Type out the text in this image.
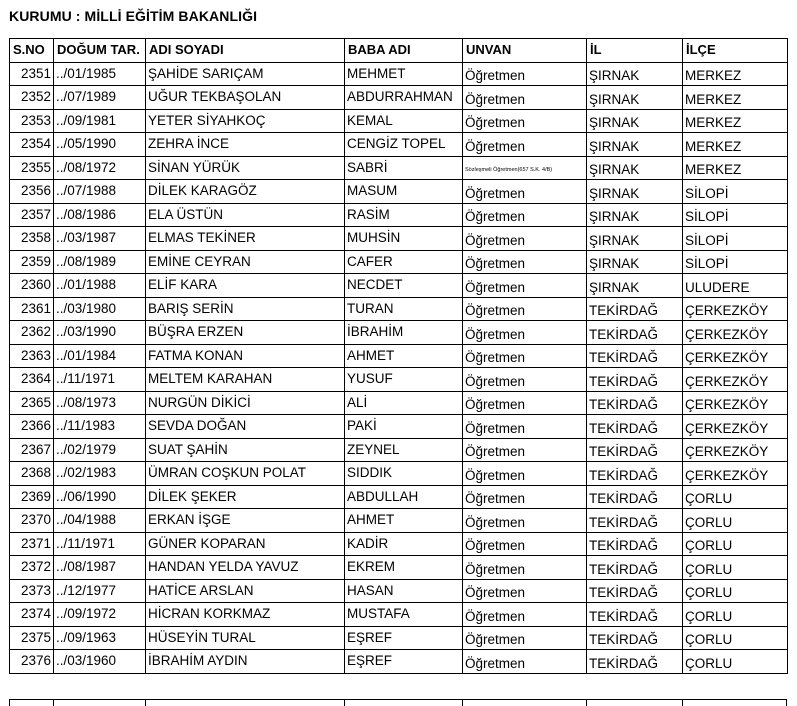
KURUMU : MİLLİ EĞİTİM BAKANLIĞI
S.NO	DOĞUM TAR.	ADI SOYADI	BABA ADI	UNVAN	İL	İLÇE
2351	../01/1985	ŞAHİDE SARIÇAM	MEHMET	Öğretmen	ŞIRNAK	MERKEZ
2352	../07/1989	UĞUR TEKBAŞOLAN	ABDURRAHMAN	Öğretmen	ŞIRNAK	MERKEZ
2353	../09/1981	YETER SİYAHKOÇ	KEMAL	Öğretmen	ŞIRNAK	MERKEZ
2354	../05/1990	ZEHRA İNCE	CENGİZ TOPEL	Öğretmen	ŞIRNAK	MERKEZ
2355	../08/1972	SİNAN YÜRÜK	SABRİ	Sözleşmeli Öğretmen(657 S.K. 4/B)	ŞIRNAK	MERKEZ
2356	../07/1988	DİLEK KARAGÖZ	MASUM	Öğretmen	ŞIRNAK	SİLOPİ
2357	../08/1986	ELA ÜSTÜN	RASİM	Öğretmen	ŞIRNAK	SİLOPİ
2358	../03/1987	ELMAS TEKİNER	MUHSİN	Öğretmen	ŞIRNAK	SİLOPİ
2359	../08/1989	EMİNE CEYRAN	CAFER	Öğretmen	ŞIRNAK	SİLOPİ
2360	../01/1988	ELİF KARA	NECDET	Öğretmen	ŞIRNAK	ULUDERE
2361	../03/1980	BARIŞ SERİN	TURAN	Öğretmen	TEKİRDAĞ	ÇERKEZKÖY
2362	../03/1990	BÜŞRA ERZEN	İBRAHİM	Öğretmen	TEKİRDAĞ	ÇERKEZKÖY
2363	../01/1984	FATMA KONAN	AHMET	Öğretmen	TEKİRDAĞ	ÇERKEZKÖY
2364	../11/1971	MELTEM KARAHAN	YUSUF	Öğretmen	TEKİRDAĞ	ÇERKEZKÖY
2365	../08/1973	NURGÜN DİKİCİ	ALİ	Öğretmen	TEKİRDAĞ	ÇERKEZKÖY
2366	../11/1983	SEVDA DOĞAN	PAKİ	Öğretmen	TEKİRDAĞ	ÇERKEZKÖY
2367	../02/1979	SUAT ŞAHİN	ZEYNEL	Öğretmen	TEKİRDAĞ	ÇERKEZKÖY
2368	../02/1983	ÜMRAN COŞKUN POLAT	SIDDIK	Öğretmen	TEKİRDAĞ	ÇERKEZKÖY
2369	../06/1990	DİLEK ŞEKER	ABDULLAH	Öğretmen	TEKİRDAĞ	ÇORLU
2370	../04/1988	ERKAN İŞGE	AHMET	Öğretmen	TEKİRDAĞ	ÇORLU
2371	../11/1971	GÜNER KOPARAN	KADİR	Öğretmen	TEKİRDAĞ	ÇORLU
2372	../08/1987	HANDAN YELDA YAVUZ	EKREM	Öğretmen	TEKİRDAĞ	ÇORLU
2373	../12/1977	HATİCE ARSLAN	HASAN	Öğretmen	TEKİRDAĞ	ÇORLU
2374	../09/1972	HİCRAN KORKMAZ	MUSTAFA	Öğretmen	TEKİRDAĞ	ÇORLU
2375	../09/1963	HÜSEYİN TURAL	EŞREF	Öğretmen	TEKİRDAĞ	ÇORLU
2376	../03/1960	İBRAHİM AYDIN	EŞREF	Öğretmen	TEKİRDAĞ	ÇORLU
